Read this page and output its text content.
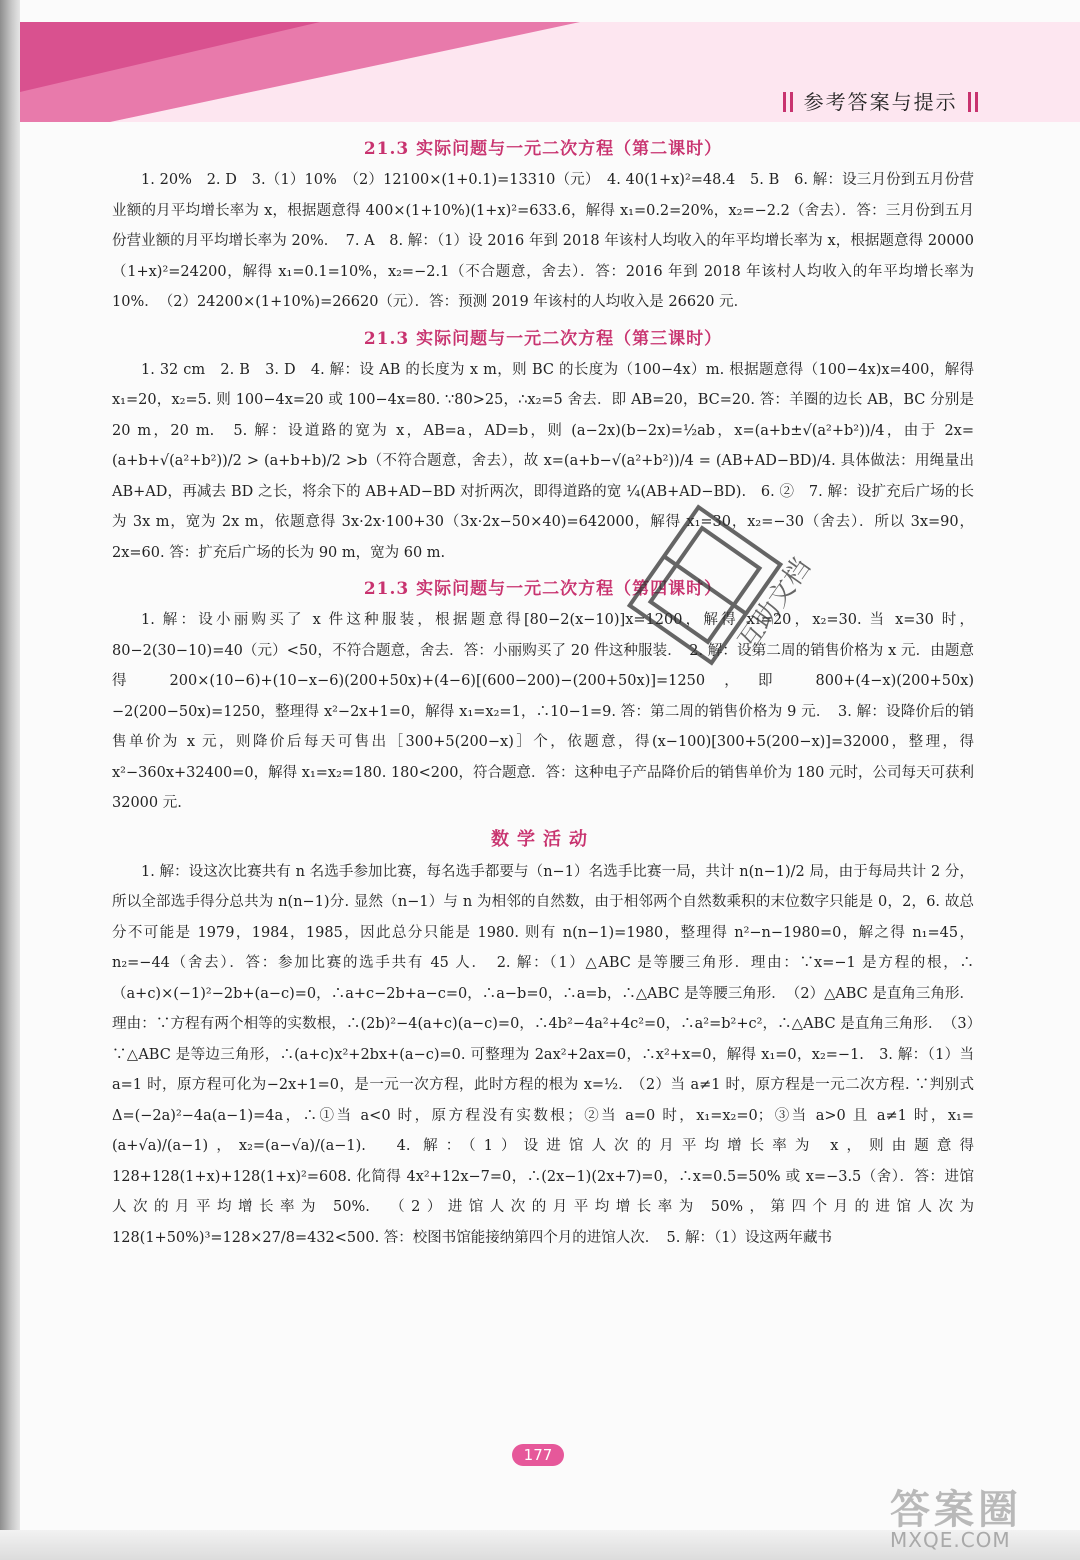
参考答案与提示
21.3 实际问题与一元二次方程（第二课时）

1. 20%　2. D　3.（1）10%　（2）12100×(1+0.1)=13310（元）　4. 40(1+x)²=48.4　5. B　6. 解：设三月份到五月份营业额的月平均增长率为 x，根据题意得 400×(1+10%)(1+x)²=633.6，解得 x₁=0.2=20%，x₂=−2.2（舍去）．答：三月份到五月份营业额的月平均增长率为 20%．　7. A　8. 解：（1）设 2016 年到 2018 年该村人均收入的年平均增长率为 x，根据题意得 20000（1+x)²=24200，解得 x₁=0.1=10%，x₂=−2.1（不合题意，舍去）．答：2016 年到 2018 年该村人均收入的年平均增长率为 10%．　（2）24200×(1+10%)=26620（元）．答：预测 2019 年该村的人均收入是 26620 元．

21.3 实际问题与一元二次方程（第三课时）

1. 32 cm　2. B　3. D　4. 解：设 AB 的长度为 x m，则 BC 的长度为（100−4x）m. 根据题意得（100−4x)x=400，解得 x₁=20，x₂=5. 则 100−4x=20 或 100−4x=80. ∵80>25，∴x₂=5 舍去．即 AB=20，BC=20. 答：羊圈的边长 AB，BC 分别是 20 m，20 m.　5. 解：设道路的宽为 x，AB=a，AD=b，则 (a−2x)(b−2x)=½ab，x=(a+b±√(a²+b²))/4，由于 2x=(a+b+√(a²+b²))/2 > (a+b+b)/2 >b（不符合题意，舍去），故 x=(a+b−√(a²+b²))/4 = (AB+AD−BD)/4. 具体做法：用绳量出 AB+AD，再减去 BD 之长，将余下的 AB+AD−BD 对折两次，即得道路的宽 ¼(AB+AD−BD).　6. ②　7. 解：设扩充后广场的长为 3x m，宽为 2x m，依题意得 3x·2x·100+30（3x·2x−50×40)=642000，解得 x₁=30，x₂=−30（舍去）．所以 3x=90，2x=60. 答：扩充后广场的长为 90 m，宽为 60 m.

21.3 实际问题与一元二次方程（第四课时）

1. 解：设小丽购买了 x 件这种服装，根据题意得[80−2(x−10)]x=1200，解得 x₁=20，x₂=30. 当 x=30 时，80−2(30−10)=40（元）<50，不符合题意，舍去．答：小丽购买了 20 件这种服装．　2. 解：设第二周的销售价格为 x 元．由题意得 200×(10−6)+(10−x−6)(200+50x)+(4−6)[(600−200)−(200+50x)]=1250，即 800+(4−x)(200+50x)−2(200−50x)=1250，整理得 x²−2x+1=0，解得 x₁=x₂=1，∴10−1=9. 答：第二周的销售价格为 9 元．　3. 解：设降价后的销售单价为 x 元，则降价后每天可售出［300+5(200−x)］个，依题意，得(x−100)[300+5(200−x)]=32000，整理，得 x²−360x+32400=0，解得 x₁=x₂=180. 180<200，符合题意．答：这种电子产品降价后的销售单价为 180 元时，公司每天可获利 32000 元.

数学活动

1. 解：设这次比赛共有 n 名选手参加比赛，每名选手都要与（n−1）名选手比赛一局，共计 n(n−1)/2 局，由于每局共计 2 分，所以全部选手得分总共为 n(n−1)分. 显然（n−1）与 n 为相邻的自然数，由于相邻两个自然数乘积的末位数字只能是 0，2，6. 故总分不可能是 1979，1984，1985，因此总分只能是 1980. 则有 n(n−1)=1980，整理得 n²−n−1980=0，解之得 n₁=45，n₂=−44（舍去）．答：参加比赛的选手共有 45 人．　2. 解：（1）△ABC 是等腰三角形．理由：∵x=−1 是方程的根，∴（a+c)×(−1)²−2b+(a−c)=0，∴a+c−2b+a−c=0，∴a−b=0，∴a=b，∴△ABC 是等腰三角形．　（2）△ABC 是直角三角形．理由：∵方程有两个相等的实数根，∴(2b)²−4(a+c)(a−c)=0，∴4b²−4a²+4c²=0，∴a²=b²+c²，∴△ABC 是直角三角形．　（3）∵△ABC 是等边三角形，∴(a+c)x²+2bx+(a−c)=0. 可整理为 2ax²+2ax=0，∴x²+x=0，解得 x₁=0，x₂=−1.　3. 解：（1）当 a=1 时，原方程可化为−2x+1=0，是一元一次方程，此时方程的根为 x=½.　（2）当 a≠1 时，原方程是一元二次方程. ∵判别式 Δ=(−2a)²−4a(a−1)=4a，∴①当 a<0 时，原方程没有实数根；②当 a=0 时，x₁=x₂=0；③当 a>0 且 a≠1 时，x₁=(a+√a)/(a−1)，x₂=(a−√a)/(a−1).　4. 解：（1）设进馆人次的月平均增长率为 x，则由题意得 128+128(1+x)+128(1+x)²=608. 化简得 4x²+12x−7=0，∴(2x−1)(2x+7)=0，∴x=0.5=50% 或 x=−3.5（舍）．答：进馆人次的月平均增长率为 50%.　（2）进馆人次的月平均增长率为 50%，第四个月的进馆人次为 128(1+50%)³=128×27/8=432<500. 答：校图书馆能接纳第四个月的进馆人次．　5. 解：（1）设这两年藏书

互助文档
177
答案圈
MXQE.COM
